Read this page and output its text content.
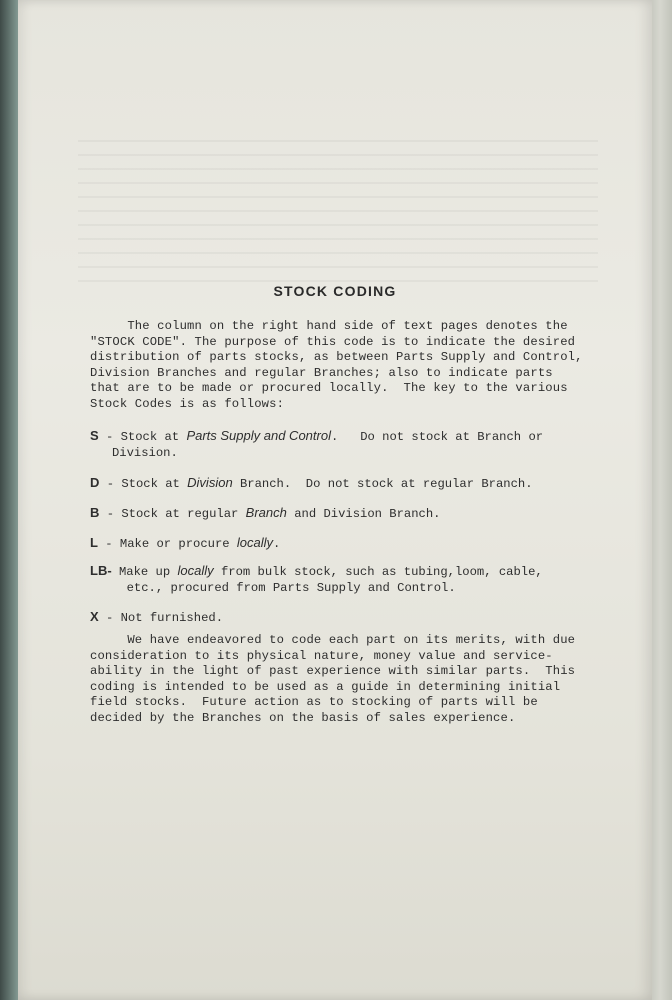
STOCK CODING
The column on the right hand side of text pages denotes the
"STOCK CODE". The purpose of this code is to indicate the desired
distribution of parts stocks, as between Parts Supply and Control,
Division Branches and regular Branches; also to indicate parts
that are to be made or procured locally.  The key to the various
Stock Codes is as follows:
S - Stock at Parts Supply and Control.   Do not stock at Branch or
Division.
D - Stock at Division Branch.  Do not stock at regular Branch.
B - Stock at regular Branch and Division Branch.
L - Make or procure locally.
LB- Make up locally from bulk stock, such as tubing,loom, cable,
etc., procured from Parts Supply and Control.
X - Not furnished.
We have endeavored to code each part on its merits, with due
consideration to its physical nature, money value and service-
ability in the light of past experience with similar parts.  This
coding is intended to be used as a guide in determining initial
field stocks.  Future action as to stocking of parts will be
decided by the Branches on the basis of sales experience.
